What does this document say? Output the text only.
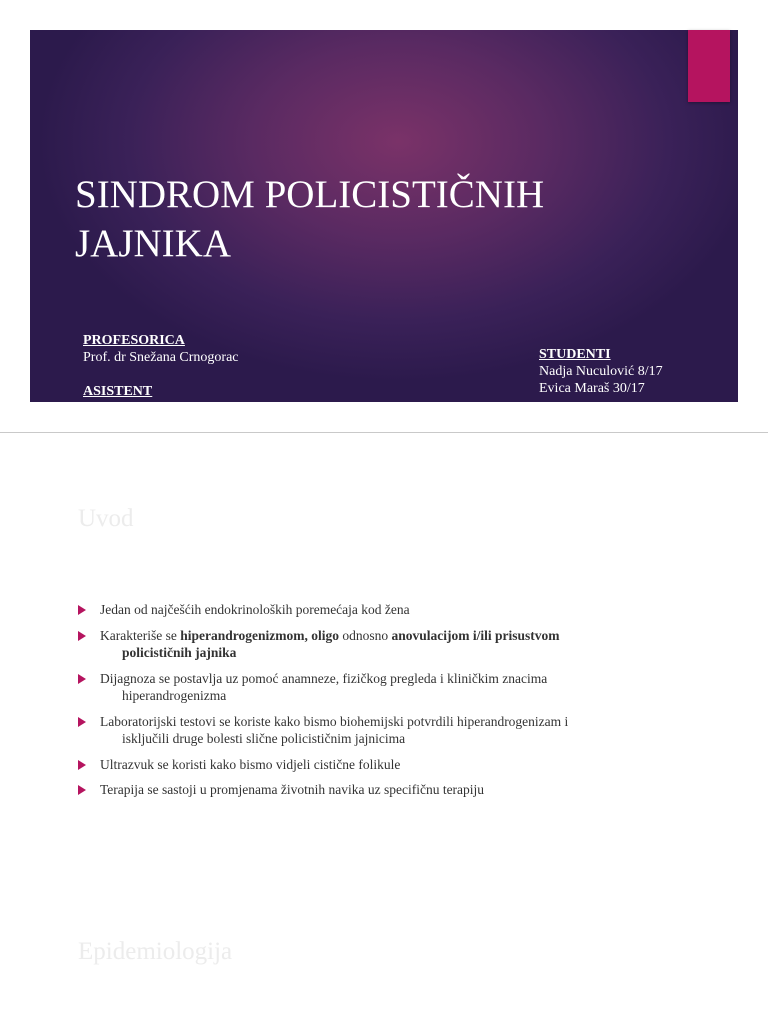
SINDROM POLICISTIČNIH
JAJNIKA
PROFESORICA
Prof. dr Snežana Crnogorac
ASISTENT
Prim. dr sc. med. Gordana Vukčević
STUDENTI
Nadja Nuculović 8/17
Evica Maraš 30/17
Uvod
Jedan od najčešćih endokrinoloških poremećaja kod žena
Karakteriše se hiperandrogenizmom, oligo odnosno anovulacijom i/ili prisustvom
policističnih jajnika
Dijagnoza se postavlja uz pomoć anamneze, fizičkog pregleda i kliničkim znacima
hiperandrogenizma
Laboratorijski testovi se koriste kako bismo biohemijski potvrdili hiperandrogenizam i
isključili druge bolesti slične policističnim jajnicima
Ultrazvuk se koristi kako bismo vidjeli cistične folikule
Terapija se sastoji u promjenama životnih navika uz specifičnu terapiju
Epidemiologija
